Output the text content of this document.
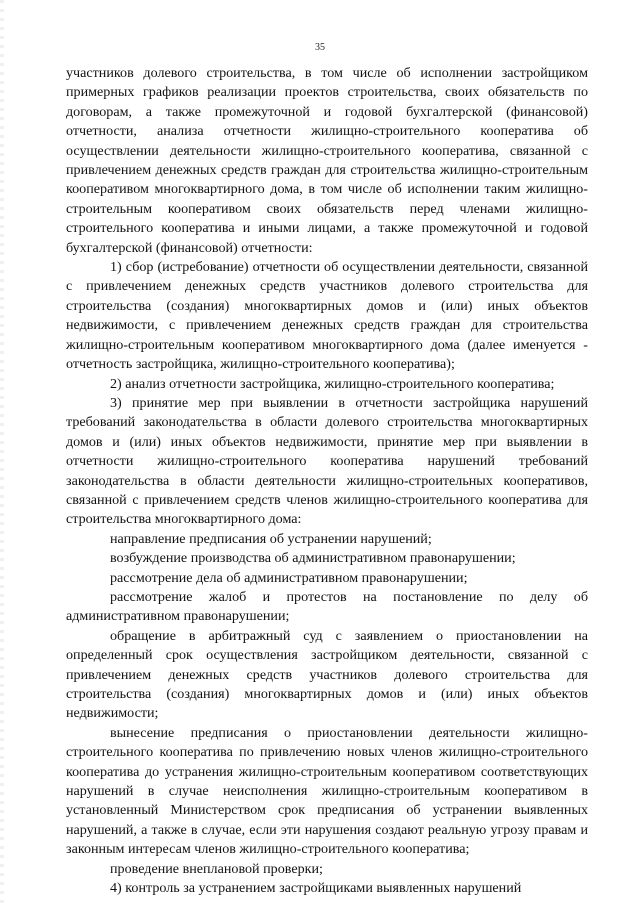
35

участников долевого строительства, в том числе об исполнении застройщиком примерных графиков реализации проектов строительства, своих обязательств по договорам, а также промежуточной и годовой бухгалтерской (финансовой) отчетности, анализа отчетности жилищно-строительного кооператива об осуществлении деятельности жилищно-строительного кооператива, связанной с привлечением денежных средств граждан для строительства жилищно-строительным кооперативом многоквартирного дома, в том числе об исполнении таким жилищно-строительным кооперативом своих обязательств перед членами жилищно-строительного кооператива и иными лицами, а также промежуточной и годовой бухгалтерской (финансовой) отчетности:

1) сбор (истребование) отчетности об осуществлении деятельности, связанной с привлечением денежных средств участников долевого строительства для строительства (создания) многоквартирных домов и (или) иных объектов недвижимости, с привлечением денежных средств граждан для строительства жилищно-строительным кооперативом многоквартирного дома (далее именуется - отчетность застройщика, жилищно-строительного кооператива);

2) анализ отчетности застройщика, жилищно-строительного кооператива;

3) принятие мер при выявлении в отчетности застройщика нарушений требований законодательства в области долевого строительства многоквартирных домов и (или) иных объектов недвижимости, принятие мер при выявлении в отчетности жилищно-строительного кооператива нарушений требований законодательства в области деятельности жилищно-строительных кооперативов, связанной с привлечением средств членов жилищно-строительного кооператива для строительства многоквартирного дома:

направление предписания об устранении нарушений;

возбуждение производства об административном правонарушении;

рассмотрение дела об административном правонарушении;

рассмотрение жалоб и протестов на постановление по делу об административном правонарушении;

обращение в арбитражный суд с заявлением о приостановлении на определенный срок осуществления застройщиком деятельности, связанной с привлечением денежных средств участников долевого строительства для строительства (создания) многоквартирных домов и (или) иных объектов недвижимости;

вынесение предписания о приостановлении деятельности жилищно-строительного кооператива по привлечению новых членов жилищно-строительного кооператива до устранения жилищно-строительным кооперативом соответствующих нарушений в случае неисполнения жилищно-строительным кооперативом в установленный Министерством срок предписания об устранении выявленных нарушений, а также в случае, если эти нарушения создают реальную угрозу правам и законным интересам членов жилищно-строительного кооператива;

проведение внеплановой проверки;

4) контроль за устранением застройщиками выявленных нарушений
